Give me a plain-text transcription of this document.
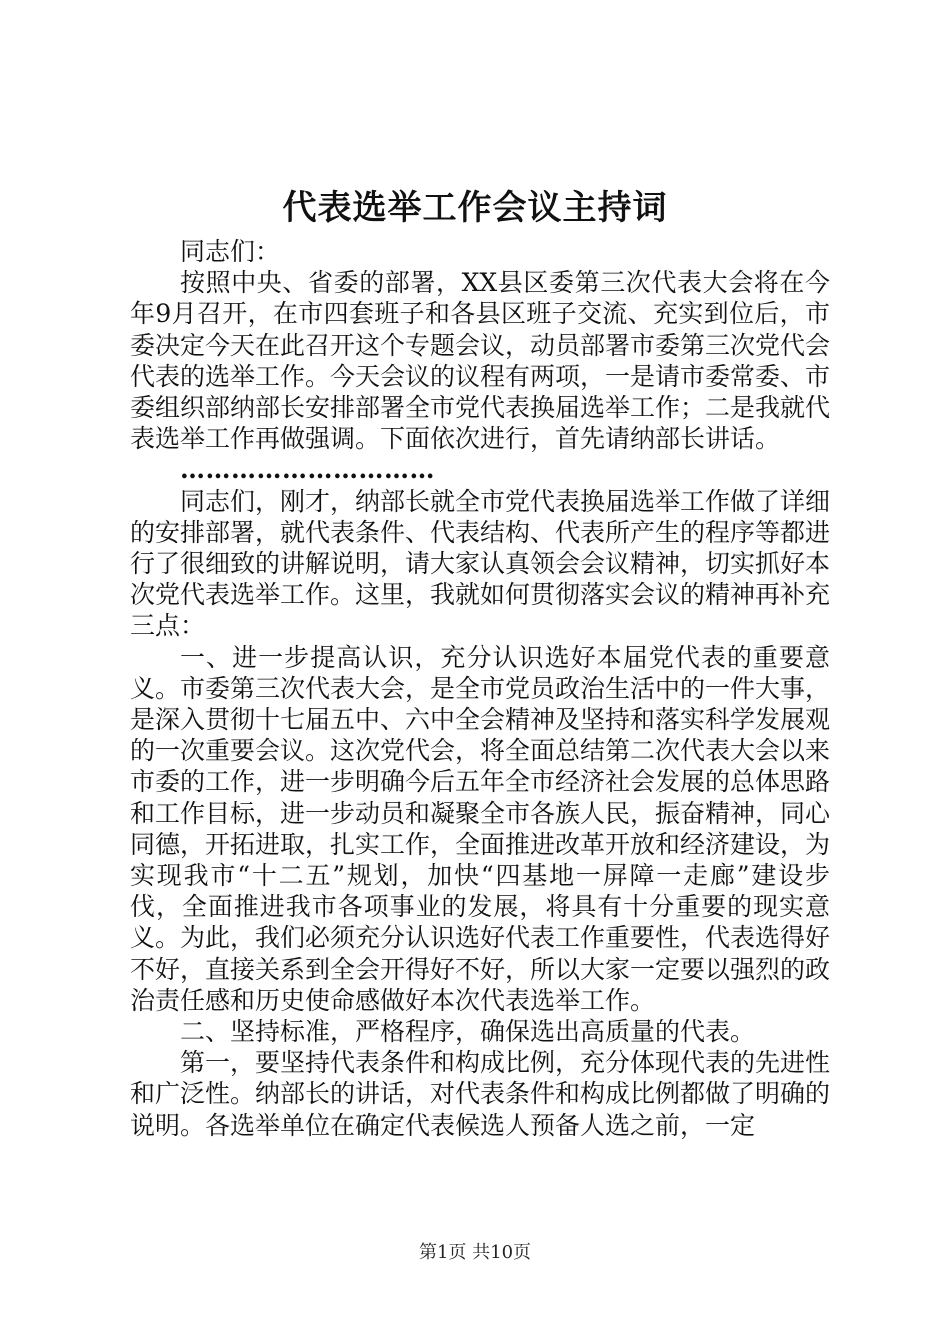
代表选举工作会议主持词

同志们：

按照中央、省委的部署，XX县区委第三次代表大会将在今年9月召开，在市四套班子和各县区班子交流、充实到位后，市委决定今天在此召开这个专题会议，动员部署市委第三次党代会代表的选举工作。今天会议的议程有两项，一是请市委常委、市委组织部纳部长安排部署全市党代表换届选举工作；二是我就代表选举工作再做强调。下面依次进行，首先请纳部长讲话。

…………………………

同志们，刚才，纳部长就全市党代表换届选举工作做了详细的安排部署，就代表条件、代表结构、代表所产生的程序等都进行了很细致的讲解说明，请大家认真领会会议精神，切实抓好本次党代表选举工作。这里，我就如何贯彻落实会议的精神再补充三点：

一、进一步提高认识，充分认识选好本届党代表的重要意义。市委第三次代表大会，是全市党员政治生活中的一件大事，是深入贯彻十七届五中、六中全会精神及坚持和落实科学发展观的一次重要会议。这次党代会，将全面总结第二次代表大会以来市委的工作，进一步明确今后五年全市经济社会发展的总体思路和工作目标，进一步动员和凝聚全市各族人民，振奋精神，同心同德，开拓进取，扎实工作，全面推进改革开放和经济建设，为实现我市“十二五”规划，加快“四基地一屏障一走廊”建设步伐，全面推进我市各项事业的发展，将具有十分重要的现实意义。为此，我们必须充分认识选好代表工作重要性，代表选得好不好，直接关系到全会开得好不好，所以大家一定要以强烈的政治责任感和历史使命感做好本次代表选举工作。

二、坚持标准，严格程序，确保选出高质量的代表。

第一，要坚持代表条件和构成比例，充分体现代表的先进性和广泛性。纳部长的讲话，对代表条件和构成比例都做了明确的说明。各选举单位在确定代表候选人预备人选之前，一定

第1页 共10页
